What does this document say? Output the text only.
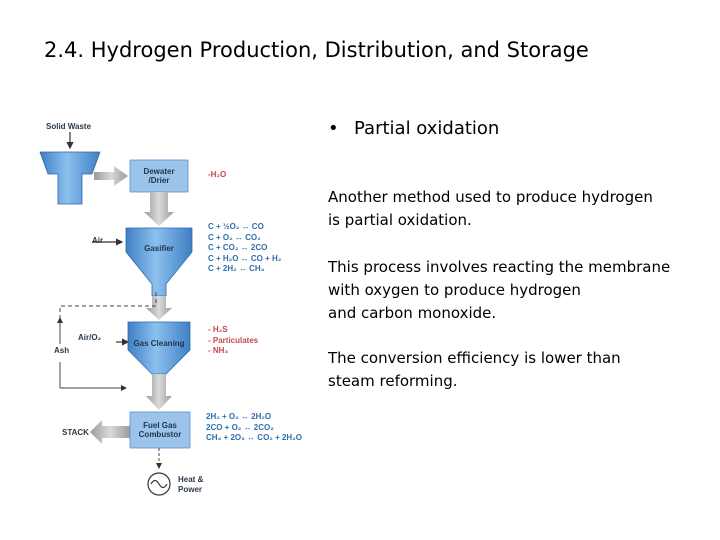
2.4. Hydrogen Production, Distribution, and Storage
Solid Waste
Dewater
/Drier
-H₂O
Air
Gasifier
C + ½O₂ ↔ CO
C + O₂ ↔ CO₂
C + CO₂ ↔ 2CO
C + H₂O ↔ CO + H₂
C + 2H₂ ↔ CH₄
Air/O₂
Ash
Gas Cleaning
- H₂S
- Particulates
- NH₃
STACK
Fuel Gas
Combustor
2H₂ + O₂ ↔ 2H₂O
2CO + O₂ ↔ 2CO₂
CH₄ + 2O₃ ↔ CO₂ + 2H₂O
Heat &
Power
• Partial oxidation
Another method used to produce hydrogen
is partial oxidation.
This process involves reacting the membrane
with oxygen to produce hydrogen
and carbon monoxide.
The conversion efficiency is lower than
steam reforming.
